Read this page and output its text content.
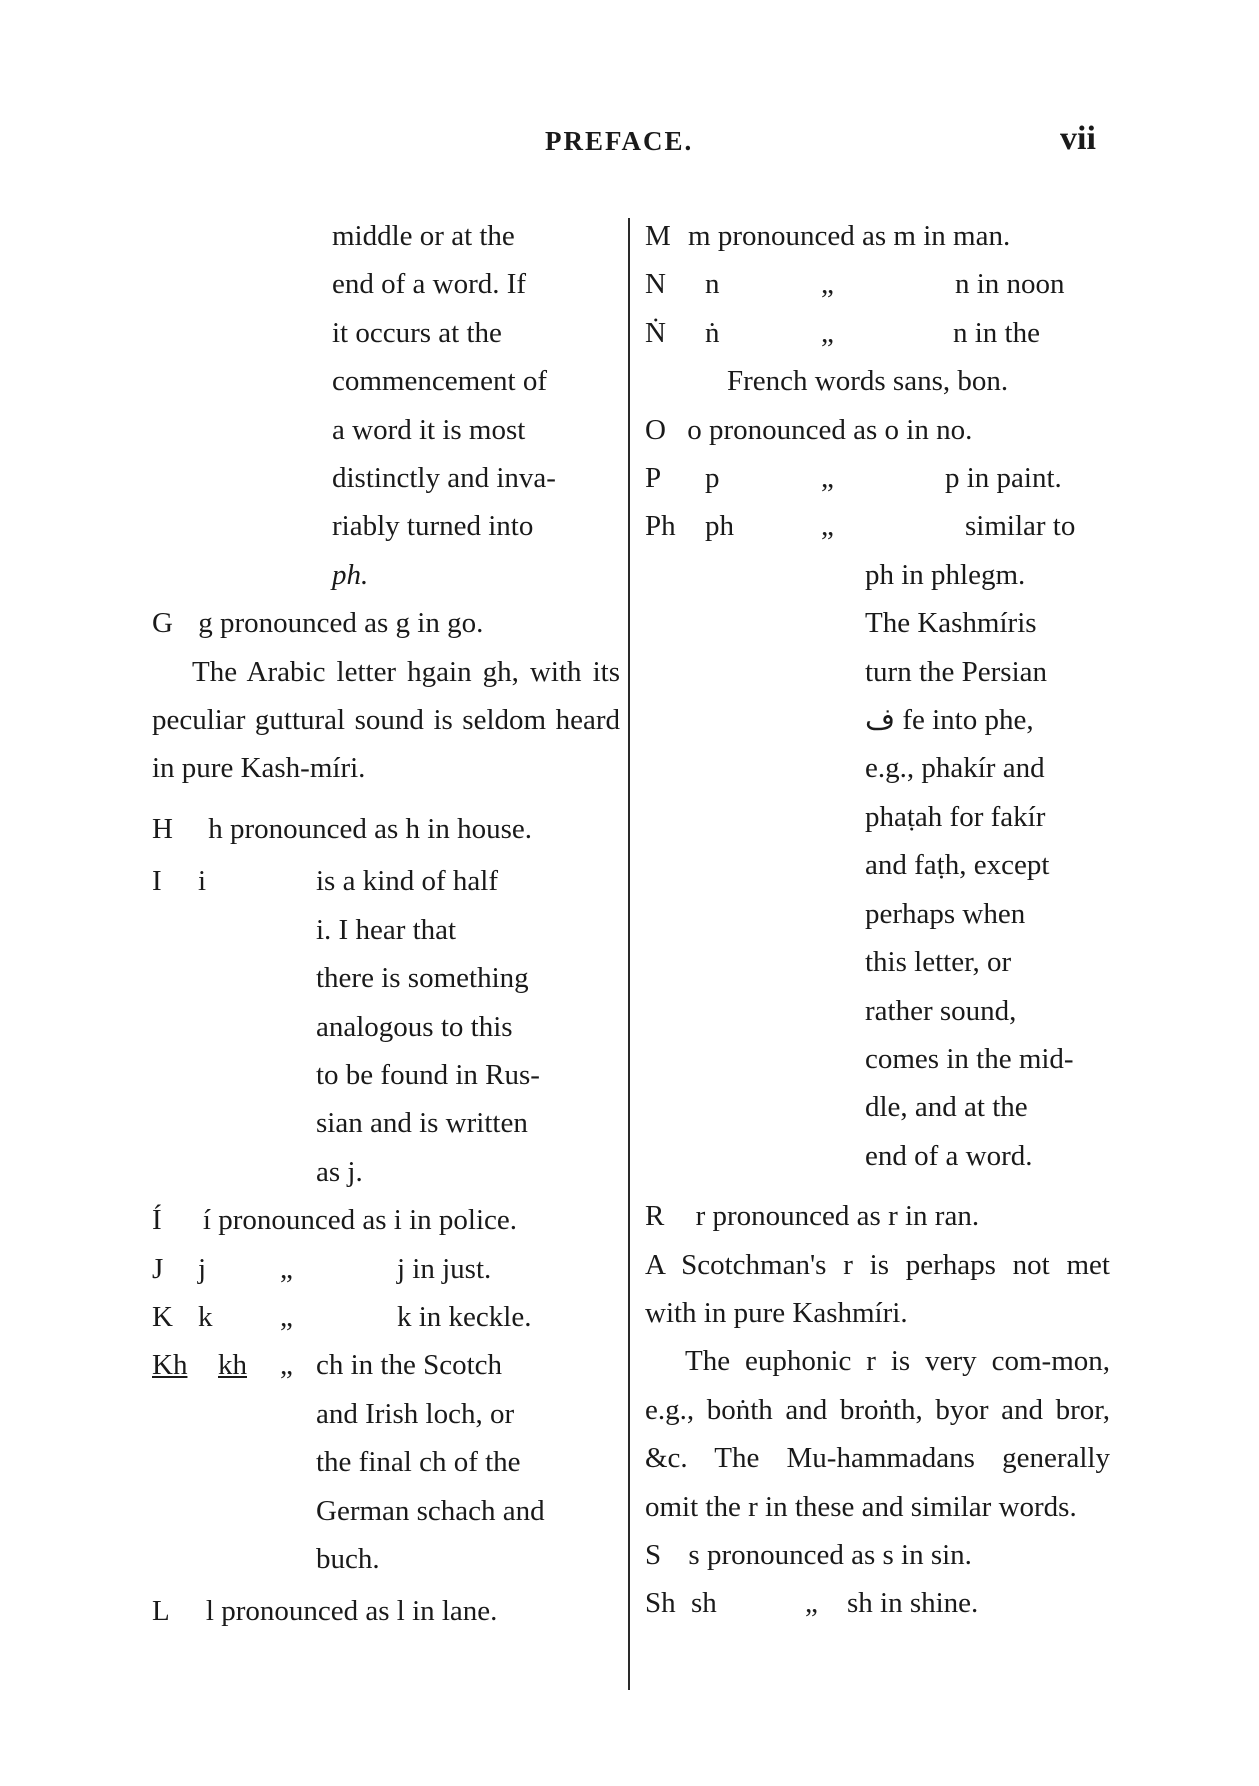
PREFACE.	vii
middle or at the
end of a word. If
it occurs at the
commencement of
a word it is most
distinctly and inva-
riably turned into
ph.
G g pronounced as g in go.
The Arabic letter hgain gh, with its peculiar guttural sound is seldom heard in pure Kash-míri.
H h pronounced as h in house.
I i	is a kind of half
i. I hear that
there is something
analogous to this
to be found in Rus-
sian and is written
as j.
Í í pronounced as i in police.
J j	„	j in just.
K k „	k in keckle.
Kh kh „ ch in the Scotch
and Irish loch, or
the final ch of the
German schach and
buch.
L l pronounced as l in lane.
M m pronounced as m in man.
N n	„	n in noon
Ṅ ṅ	„	n in the
French words sans, bon.
O o pronounced as o in no.
P p	„	p in paint.
Ph ph	„	similar to
ph in phlegm.
The Kashmíris
turn the Persian
ف fe into phe,
e.g., phakír and
phaṭah for fakír
and faṭh, except
perhaps when
this letter, or
rather sound,
comes in the mid-
dle, and at the
end of a word.
R r pronounced as r in ran.
A Scotchman's r is perhaps not met with in pure Kashmíri.
The euphonic r is very com-mon, e.g., boṅth and broṅth, byor and bror, &c. The Mu-hammadans generally omit the r in these and similar words.
S s pronounced as s in sin.
Sh sh	„	sh in shine.
